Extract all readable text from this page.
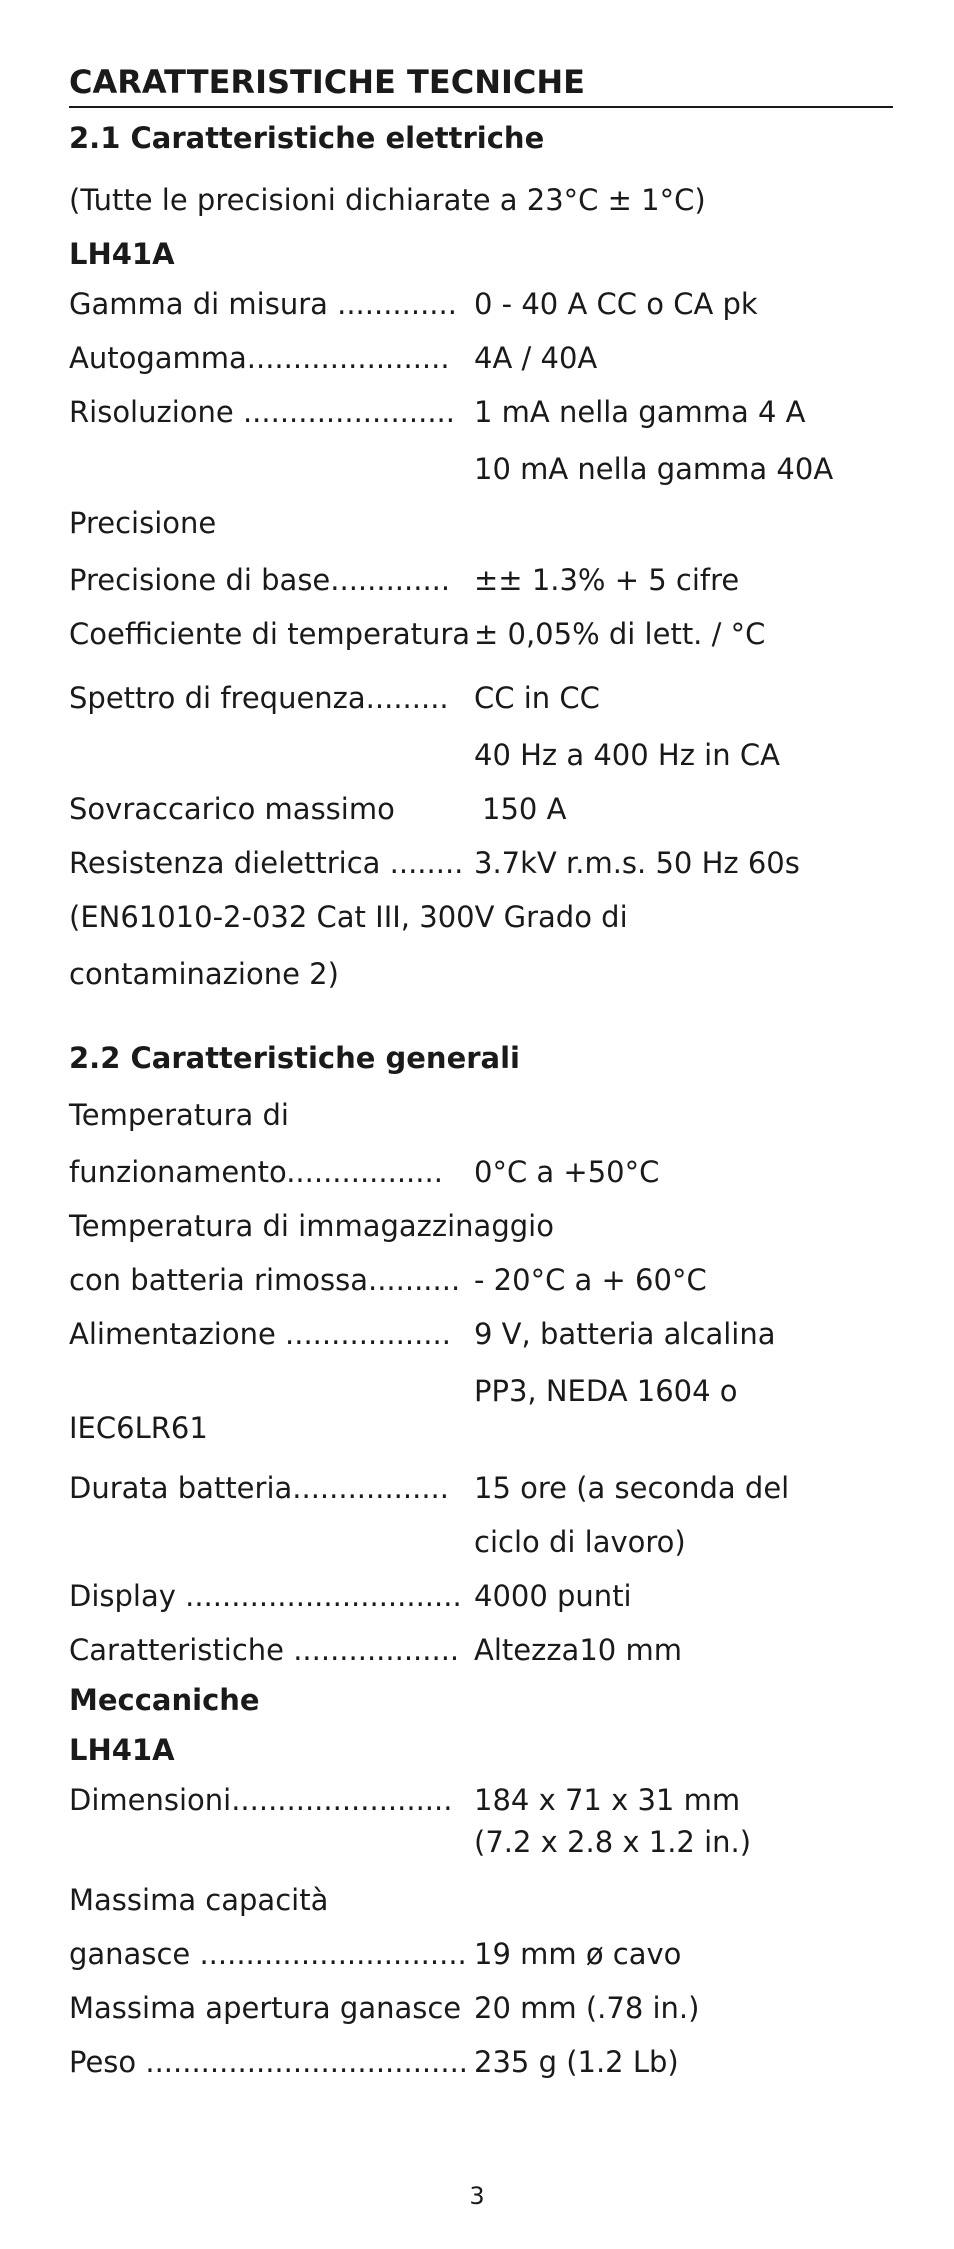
CARATTERISTICHE TECNICHE
2.1 Caratteristiche elettriche
(Tutte le precisioni dichiarate a 23°C ± 1°C)
LH41A
Gamma di misura ............. 0 - 40 A CC o CA pk
Autogamma...................... 4A / 40A
Risoluzione ....................... 1 mA nella gamma 4 A
10 mA nella gamma 40A
Precisione
Precisione di base............. ±± 1.3% + 5 cifre
Coefficiente di temperatura ± 0,05% di lett. / °C
Spettro di frequenza......... CC in CC
40 Hz a 400 Hz in CA
Sovraccarico massimo	150 A
Resistenza dielettrica ........ 3.7kV r.m.s. 50 Hz 60s
(EN61010-2-032 Cat III, 300V Grado di
contaminazione 2)
2.2 Caratteristiche generali
Temperatura di
funzionamento................. 0°C a +50°C
Temperatura di immagazzinaggio
con batteria rimossa.......... - 20°C a + 60°C
Alimentazione .................. 9 V, batteria alcalina
PP3, NEDA 1604 o
IEC6LR61
Durata batteria................. 15 ore (a seconda del
ciclo di lavoro)
Display .............................. 4000 punti
Caratteristiche .................. Altezza10 mm
Meccaniche
LH41A
Dimensioni........................ 184 x 71 x 31 mm
(7.2 x 2.8 x 1.2 in.)
Massima capacità
ganasce ............................. 19 mm ø cavo
Massima apertura ganasce 20 mm (.78 in.)
Peso ................................... 235 g (1.2 Lb)
3
